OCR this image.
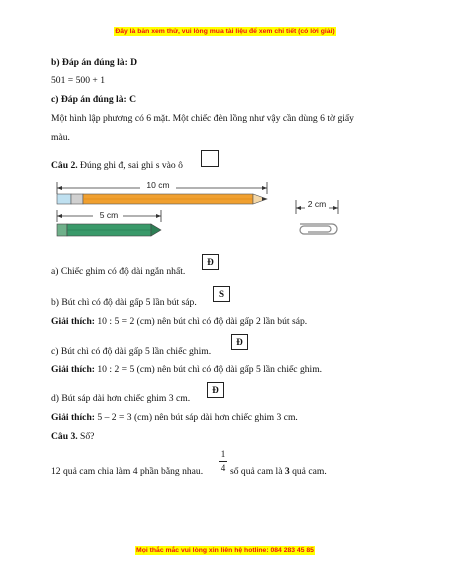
Đây là bản xem thử, vui lòng mua tài liệu để xem chi tiết (có lời giải)
b) Đáp án đúng là: D
501 = 500 + 1
c) Đáp án đúng là: C
Một hình lập phương có 6 mặt. Một chiếc đèn lồng như vậy cần dùng 6 tờ giấy
màu.
Câu 2. Đúng ghi đ, sai ghi s vào ô
10 cm
5 cm
2 cm
a) Chiếc ghim có độ dài ngắn nhất.
Đ
b) Bút chì có độ dài gấp 5 lần bút sáp.
S
Giải thích: 10 : 5 = 2 (cm) nên bút chì có độ dài gấp 2 lần bút sáp.
c) Bút chì có độ dài gấp 5 lần chiếc ghim.
Đ
Giải thích: 10 : 2 = 5 (cm) nên bút chì có độ dài gấp 5 lần chiếc ghim.
d) Bút sáp dài hơn chiếc ghim 3 cm.
Đ
Giải thích: 5 – 2 = 3 (cm) nên bút sáp dài hơn chiếc ghim 3 cm.
Câu 3. Số?
12 quả cam chia làm 4 phần bằng nhau.
1
4 số quả cam là 3 quả cam.
Mọi thắc mắc vui lòng xin liên hệ hotline: 084 283 45 85
